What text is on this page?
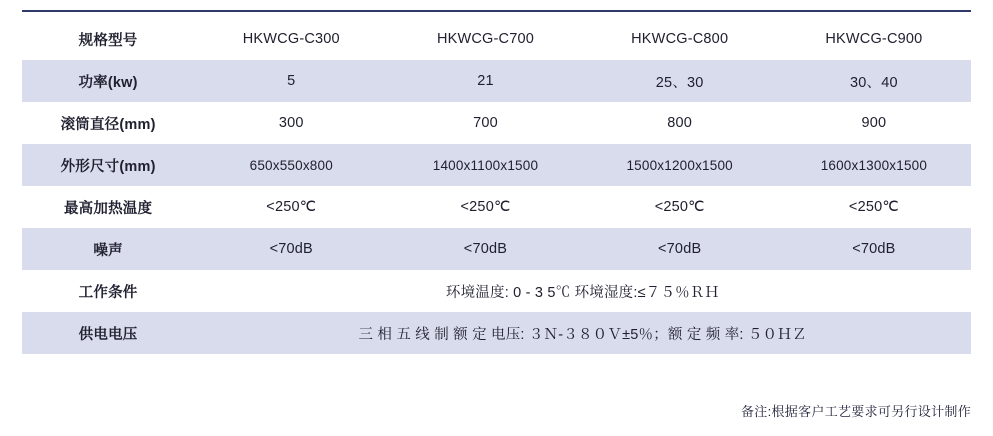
规格型号	HKWCG-C300	HKWCG-C700	HKWCG-C800	HKWCG-C900
功率(kw)	5	21	25、30	30、40
滚筒直径(mm)	300	700	800	900
外形尺寸(mm)	650x550x800	1400x1100x1500	1500x1200x1500	1600x1300x1500
最高加热温度	<250℃	<250℃	<250℃	<250℃
噪声	<70dB	<70dB	<70dB	<70dB
工作条件	环境温度: 0 - 3 5℃ 环境湿度:≤７５％ＲＨ			
供电电压	三 相 五 线 制 额 定 电压: ３Ｎ-３８０Ｖ±5％；额 定 频 率: ５０ＨＺ			
备注:根据客户工艺要求可另行设计制作
